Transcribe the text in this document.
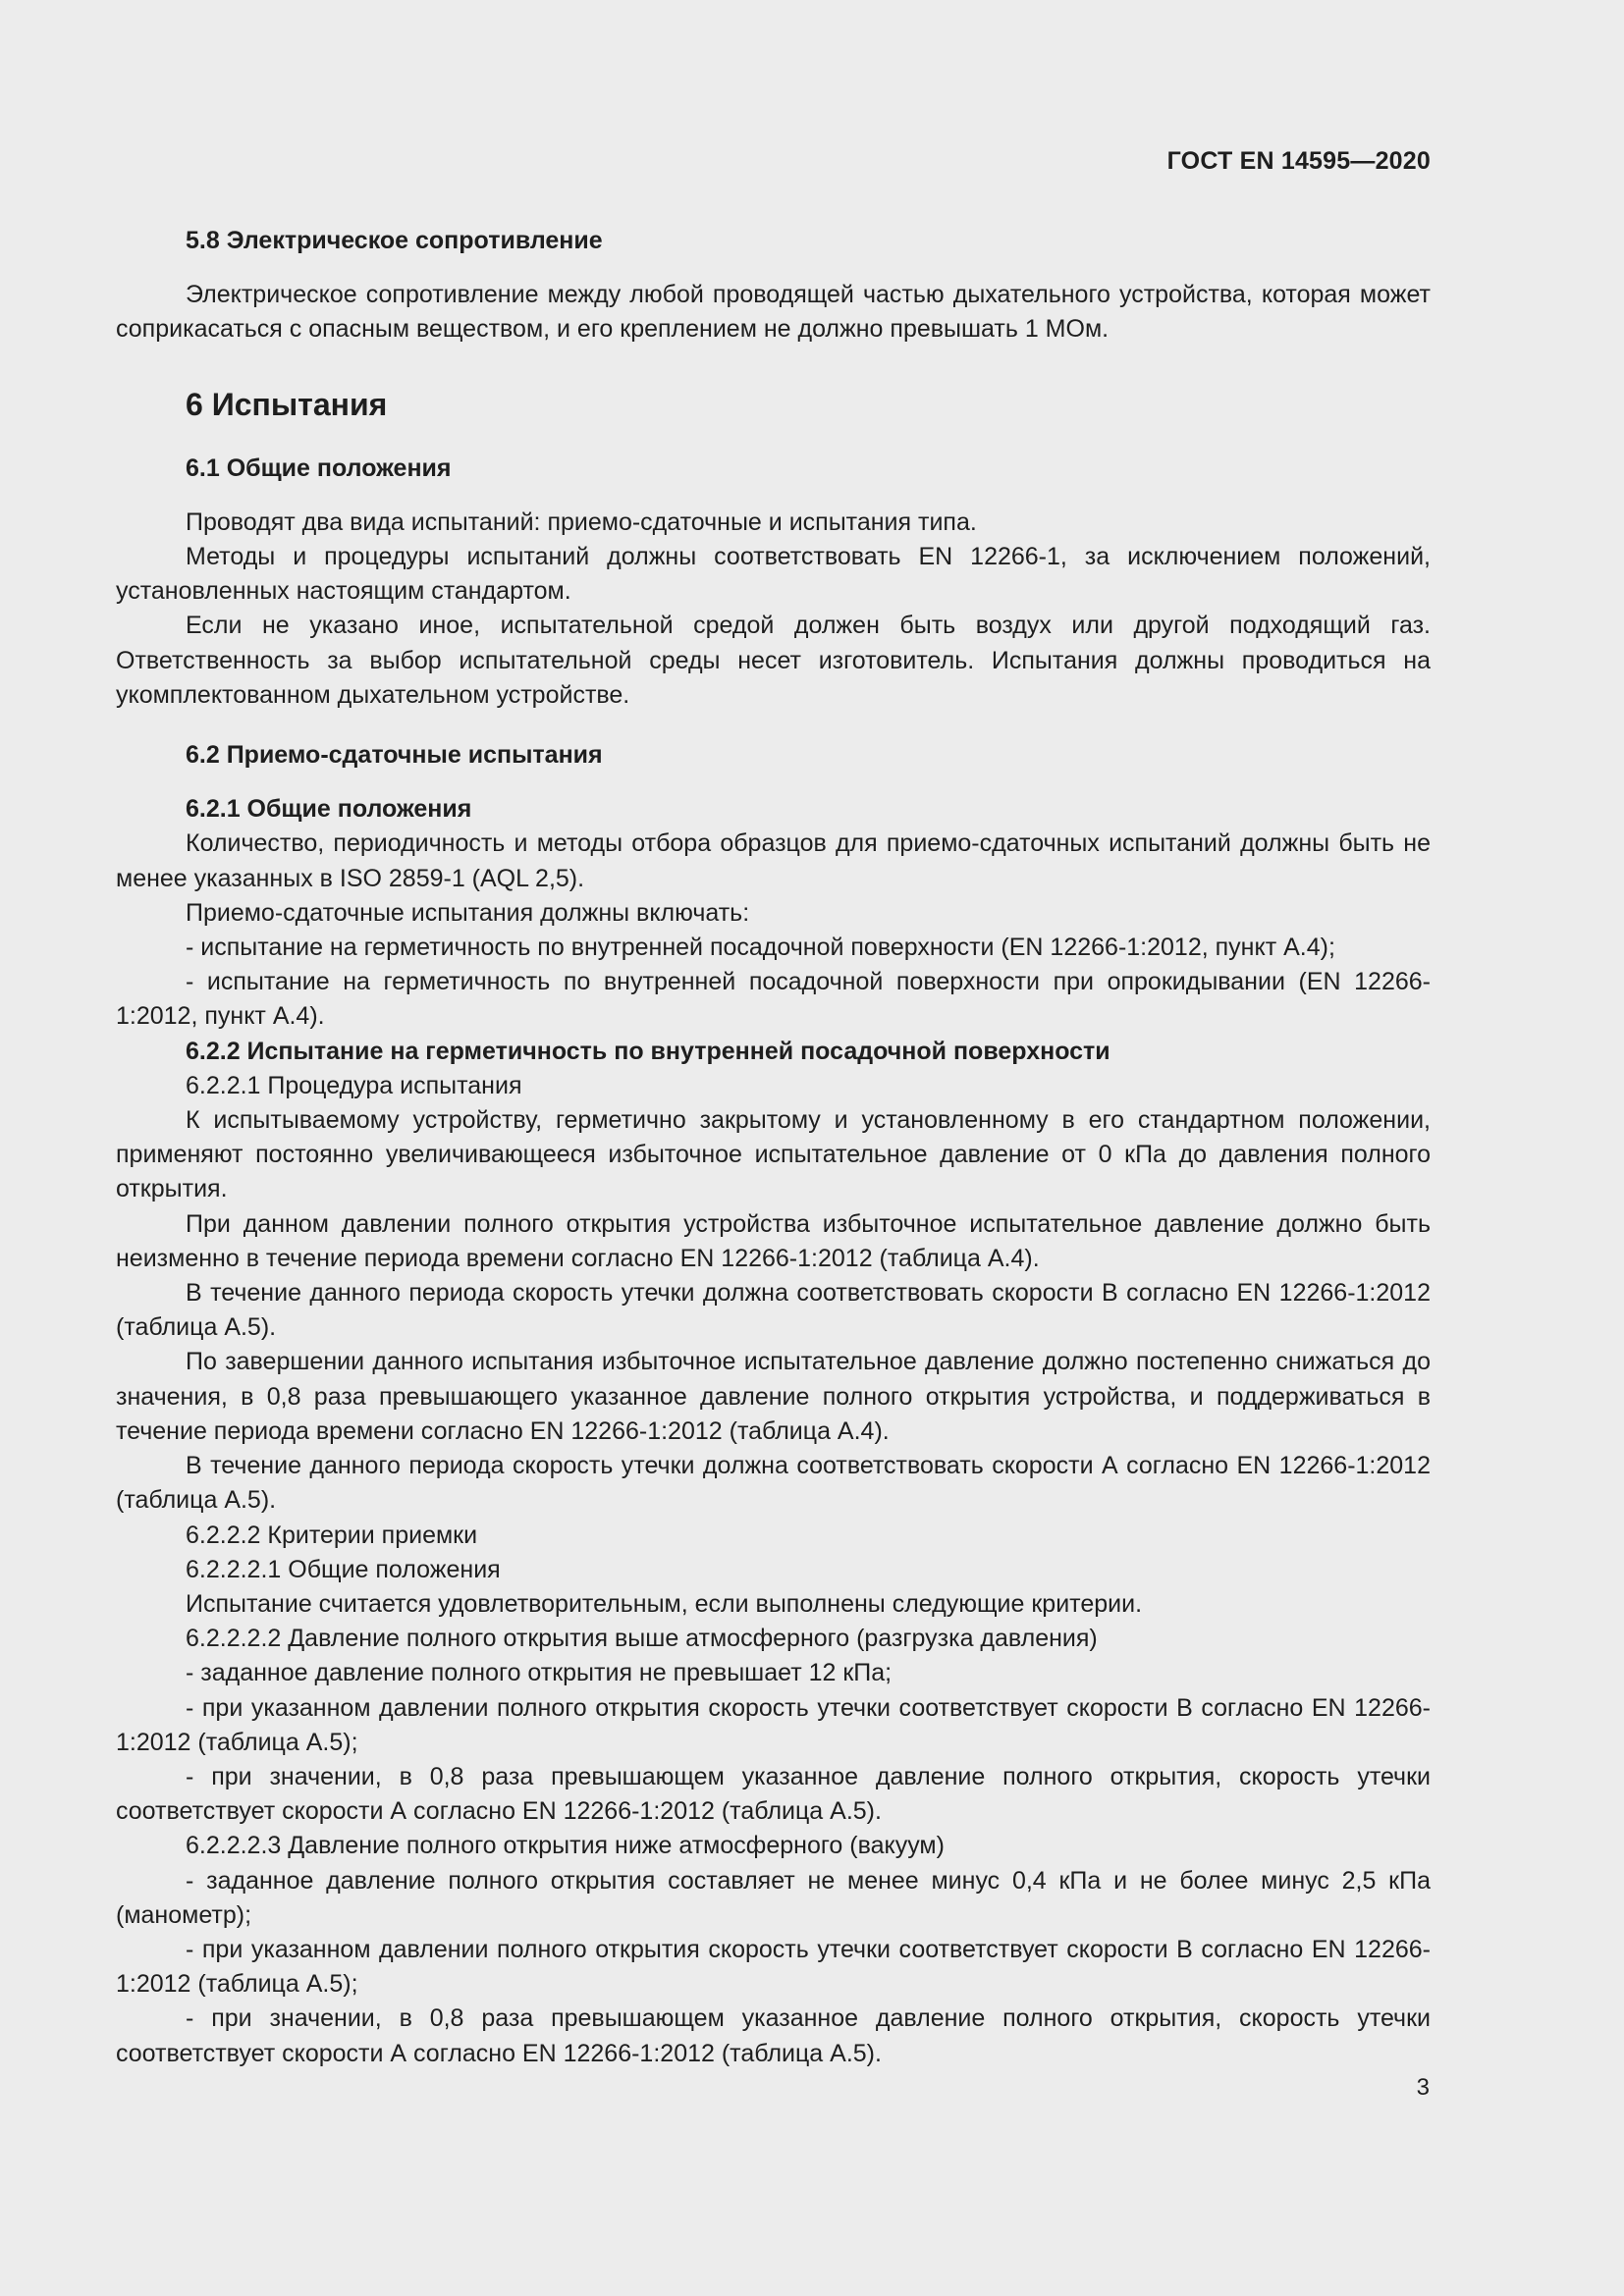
ГОСТ EN 14595—2020

5.8 Электрическое сопротивление

Электрическое сопротивление между любой проводящей частью дыхательного устройства, которая может соприкасаться с опасным веществом, и его креплением не должно превышать 1 МОм.

6 Испытания

6.1 Общие положения

Проводят два вида испытаний: приемо-сдаточные и испытания типа.

Методы и процедуры испытаний должны соответствовать EN 12266-1, за исключением положений, установленных настоящим стандартом.

Если не указано иное, испытательной средой должен быть воздух или другой подходящий газ. Ответственность за выбор испытательной среды несет изготовитель. Испытания должны проводиться на укомплектованном дыхательном устройстве.

6.2 Приемо-сдаточные испытания

6.2.1 Общие положения

Количество, периодичность и методы отбора образцов для приемо-сдаточных испытаний должны быть не менее указанных в ISO 2859-1 (AQL 2,5).

Приемо-сдаточные испытания должны включать:

- испытание на герметичность по внутренней посадочной поверхности (EN 12266-1:2012, пункт А.4);

- испытание на герметичность по внутренней посадочной поверхности при опрокидывании (EN 12266-1:2012, пункт А.4).

6.2.2 Испытание на герметичность по внутренней посадочной поверхности

6.2.2.1 Процедура испытания

К испытываемому устройству, герметично закрытому и установленному в его стандартном положении, применяют постоянно увеличивающееся избыточное испытательное давление от 0 кПа до давления полного открытия.

При данном давлении полного открытия устройства избыточное испытательное давление должно быть неизменно в течение периода времени согласно EN 12266-1:2012 (таблица А.4).

В течение данного периода скорость утечки должна соответствовать скорости В согласно EN 12266-1:2012 (таблица А.5).

По завершении данного испытания избыточное испытательное давление должно постепенно снижаться до значения, в 0,8 раза превышающего указанное давление полного открытия устройства, и поддерживаться в течение периода времени согласно EN 12266-1:2012 (таблица А.4).

В течение данного периода скорость утечки должна соответствовать скорости А согласно EN 12266-1:2012 (таблица А.5).

6.2.2.2 Критерии приемки

6.2.2.2.1 Общие положения

Испытание считается удовлетворительным, если выполнены следующие критерии.

6.2.2.2.2 Давление полного открытия выше атмосферного (разгрузка давления)

- заданное давление полного открытия не превышает 12 кПа;

- при указанном давлении полного открытия скорость утечки соответствует скорости В согласно EN 12266-1:2012 (таблица А.5);

- при значении, в 0,8 раза превышающем указанное давление полного открытия, скорость утечки соответствует скорости А согласно EN 12266-1:2012 (таблица А.5).

6.2.2.2.3 Давление полного открытия ниже атмосферного (вакуум)

- заданное давление полного открытия составляет не менее минус 0,4 кПа и не более минус 2,5 кПа (манометр);

- при указанном давлении полного открытия скорость утечки соответствует скорости В согласно EN 12266-1:2012 (таблица А.5);

- при значении, в 0,8 раза превышающем указанное давление полного открытия, скорость утечки соответствует скорости А согласно EN 12266-1:2012 (таблица А.5).

3
